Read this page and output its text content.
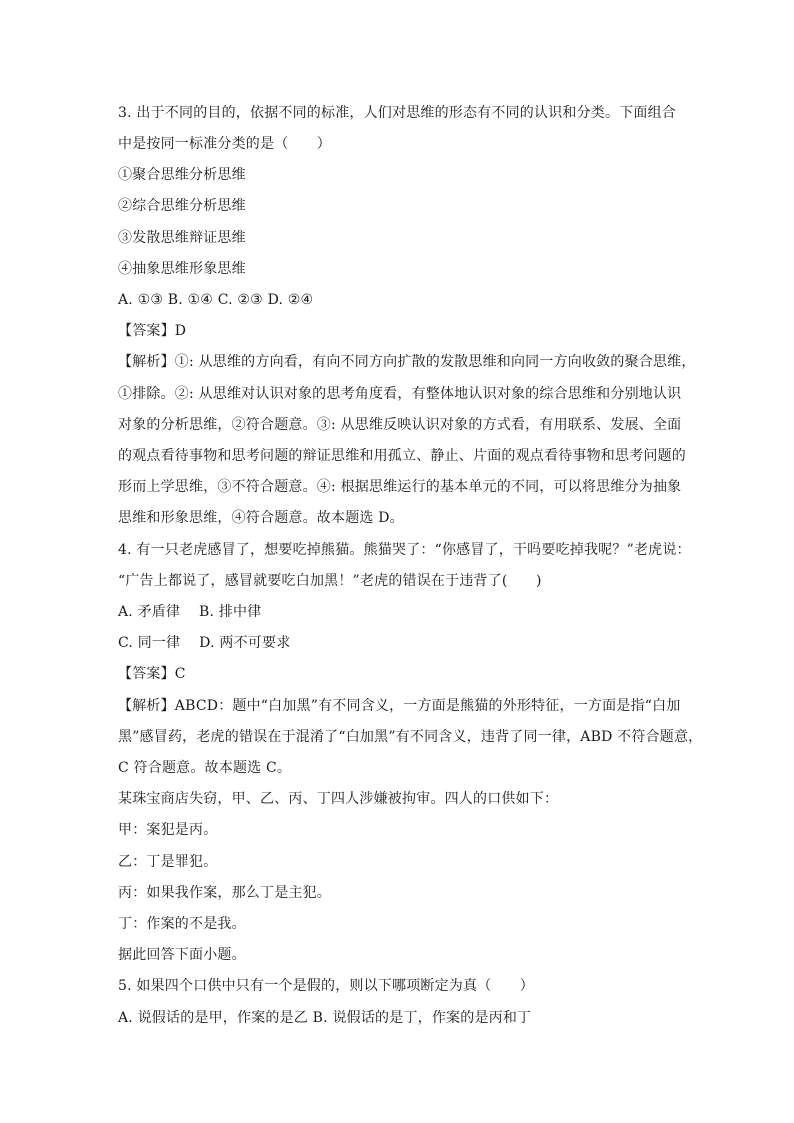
3. 出于不同的目的，依据不同的标准，人们对思维的形态有不同的认识和分类。下面组合
中是按同一标准分类的是（　　）
①聚合思维分析思维
②综合思维分析思维
③发散思维辩证思维
④抽象思维形象思维
A. ①③ B. ①④ C. ②③ D. ②④
【答案】D
【解析】①: 从思维的方向看，有向不同方向扩散的发散思维和向同一方向收敛的聚合思维，
①排除。②: 从思维对认识对象的思考角度看，有整体地认识对象的综合思维和分别地认识
对象的分析思维，②符合题意。③: 从思维反映认识对象的方式看，有用联系、发展、全面
的观点看待事物和思考问题的辩证思维和用孤立、静止、片面的观点看待事物和思考问题的
形而上学思维，③不符合题意。④: 根据思维运行的基本单元的不同，可以将思维分为抽象
思维和形象思维，④符合题意。故本题选 D。
4. 有一只老虎感冒了，想要吃掉熊猫。熊猫哭了：“你感冒了，干吗要吃掉我呢？”老虎说：
“广告上都说了，感冒就要吃白加黑！”老虎的错误在于违背了(　　)
A. 矛盾律　 B. 排中律
C. 同一律　 D. 两不可要求
【答案】C
【解析】ABCD：题中“白加黑”有不同含义，一方面是熊猫的外形特征，一方面是指“白加
黑”感冒药，老虎的错误在于混淆了“白加黑”有不同含义，违背了同一律，ABD 不符合题意，
C 符合题意。故本题选 C。
某珠宝商店失窃，甲、乙、丙、丁四人涉嫌被拘审。四人的口供如下：
甲：案犯是丙。
乙：丁是罪犯。
丙：如果我作案，那么丁是主犯。
丁：作案的不是我。
据此回答下面小题。
5. 如果四个口供中只有一个是假的，则以下哪项断定为真（　　）
A. 说假话的是甲，作案的是乙 B. 说假话的是丁，作案的是丙和丁
